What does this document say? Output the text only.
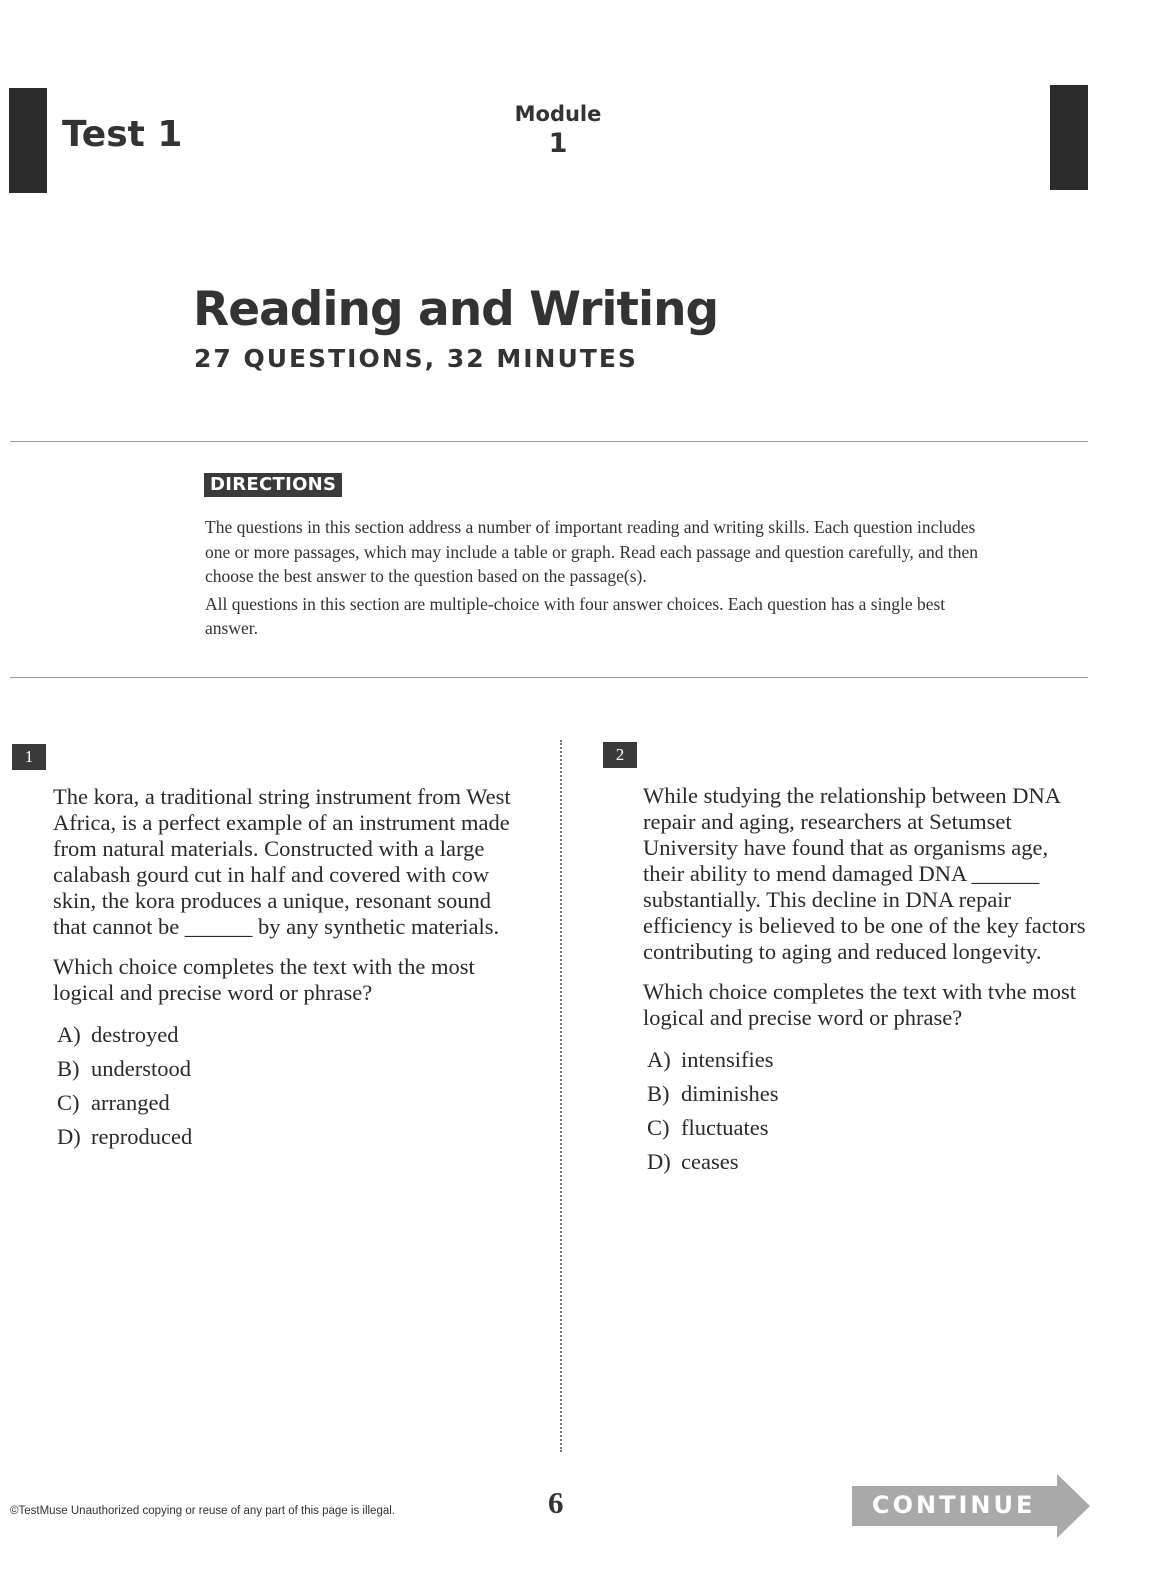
Test 1	Module
1
Reading and Writing
27 QUESTIONS, 32 MINUTES
DIRECTIONS

The questions in this section address a number of important reading and writing skills. Each question includes one or more passages, which may include a table or graph. Read each passage and question carefully, and then choose the best answer to the question based on the passage(s).

All questions in this section are multiple-choice with four answer choices. Each question has a single best answer.

1

The kora, a traditional string instrument from West Africa, is a perfect example of an instrument made from natural materials. Constructed with a large calabash gourd cut in half and covered with cow skin, the kora produces a unique, resonant sound that cannot be ______ by any synthetic materials.

Which choice completes the text with the most logical and precise word or phrase?

A) destroyed
B) understood
C) arranged
D) reproduced
2

While studying the relationship between DNA repair and aging, researchers at Setumset University have found that as organisms age, their ability to mend damaged DNA ______ substantially. This decline in DNA repair efficiency is believed to be one of the key factors contributing to aging and reduced longevity.

Which choice completes the text with tvhe most logical and precise word or phrase?

A) intensifies
B) diminishes
C) fluctuates
D) ceases
©TestMuse Unauthorized copying or reuse of any part of this page is illegal.	6	CONTINUE
